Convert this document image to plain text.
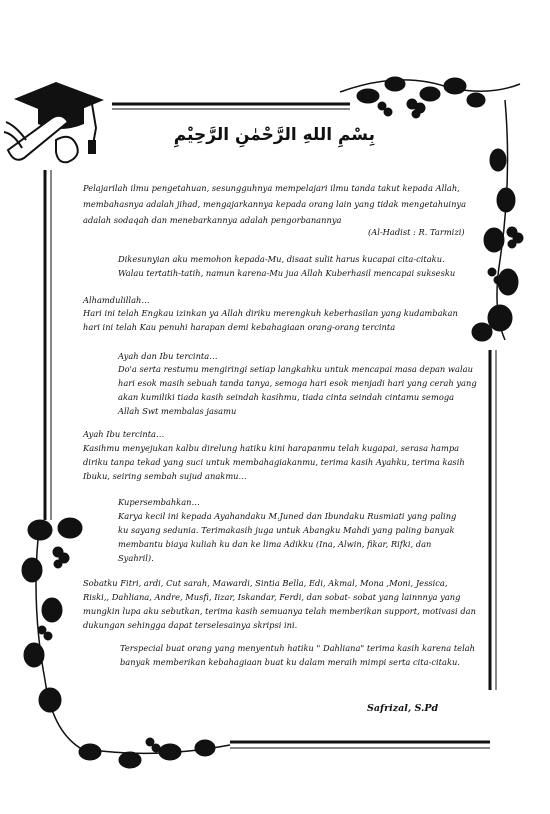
بِسْمِ اللهِ الرَّحْمٰنِ الرَّحِيْمِ
Pelajarilah ilmu pengetahuan, sesungguhnya mempelajari ilmu tanda takut kepada Allah,
membahasnya adalah jihad, mengajarkannya kepada orang lain yang tidak mengetahuinya
adalah sodaqah dan menebarkannya adalah pengorbanannya
(Al-Hadist : R. Tarmizi)
Dikesunyian aku memohon kepada-Mu, disaat sulit harus kucapai cita-citaku.
Walau tertatih-tatih, namun karena-Mu jua Allah Kuberhasil mencapai suksesku
Alhamdulillah…
Hari ini telah Engkau izinkan ya Allah diriku merengkuh keberhasilan yang kudambakan
hari ini telah Kau penuhi harapan demi kebahagiaan orang-orang tercinta
Ayah dan Ibu tercinta…
Do'a serta restumu mengiringi setiap langkahku untuk mencapai masa depan walau
hari esok masih sebuah tanda tanya, semoga hari esok menjadi hari yang cerah yang
akan kumiliki tiada kasih seindah kasihmu, tiada cinta seindah cintamu semoga
Allah Swt membalas jasamu
Ayah Ibu tercinta…
Kasihmu menyejukan kalbu direlung hatiku kini harapanmu telah kugapai, serasa hampa
diriku tanpa tekad yang suci untuk membahagiakanmu, terima kasih Ayahku, terima kasih
Ibuku, seiring sembah sujud anakmu…
Kupersembahkan…
Karya kecil ini kepada Ayahandaku M.Juned dan Ibundaku Rusmiati yang paling
ku sayang sedunia. Terimakasih juga untuk Abangku Mahdi yang paling banyak
membantu biaya kuliah ku dan ke lima Adikku (Ina, Alwin, fikar, Rifki, dan
Syahril).
Sobatku Fitri, ardi, Cut sarah, Mawardi, Sintia Bella, Edi, Akmal, Mona ,Moni, Jessica,
Riski,, Dahliana, Andre, Musfi, Iizar, Iskandar, Ferdi, dan sobat- sobat yang lainnnya yang
mungkin lupa aku sebutkan, terima kasih semuanya telah memberikan support, motivasi dan
dukungan sehingga dapat terselesainya skripsi ini.
Terspecial buat orang yang menyentuh hatiku " Dahliana" terima kasih karena telah
banyak memberikan kebahagiaan buat ku dalam meraih mimpi serta cita-citaku.
Safrizal, S.Pd
